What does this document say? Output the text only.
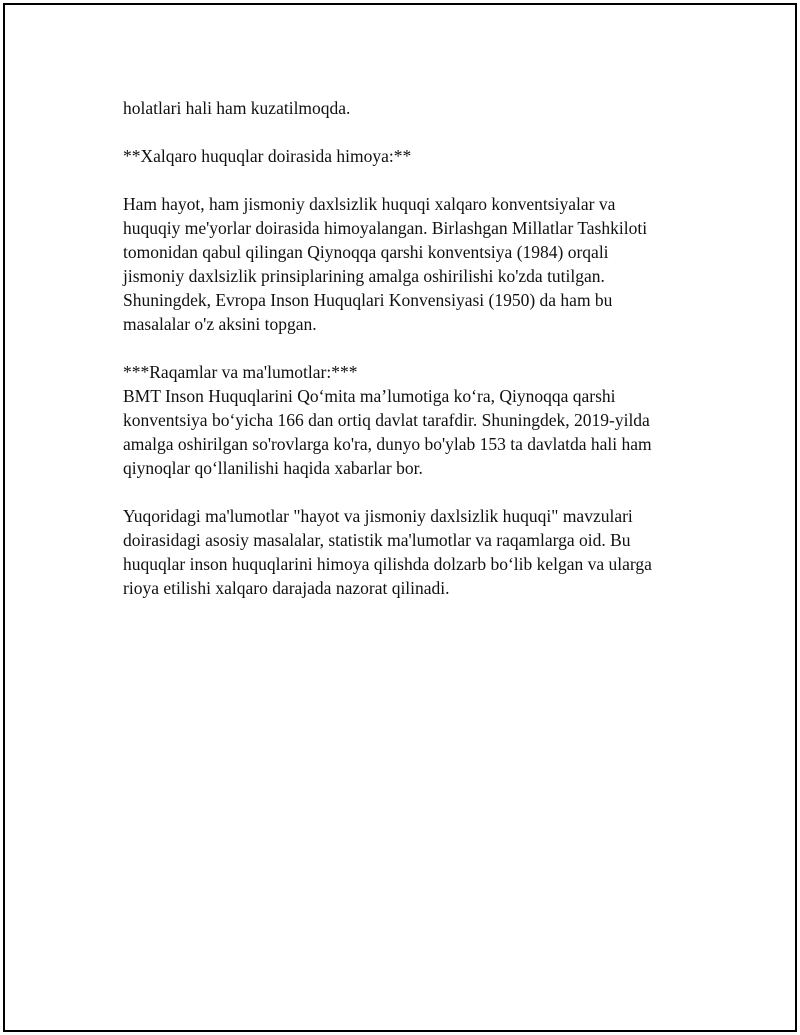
holatlari hali ham kuzatilmoqda.

**Xalqaro huquqlar doirasida himoya:**

Ham hayot, ham jismoniy daxlsizlik huquqi xalqaro konventsiyalar va
huquqiy me'yorlar doirasida himoyalangan. Birlashgan Millatlar Tashkiloti
tomonidan qabul qilingan Qiynoqqa qarshi konventsiya (1984) orqali
jismoniy daxlsizlik prinsiplarining amalga oshirilishi ko'zda tutilgan.
Shuningdek, Evropa Inson Huquqlari Konvensiyasi (1950) da ham bu
masalalar o'z aksini topgan.

***Raqamlar va ma'lumotlar:***
BMT Inson Huquqlarini Qo‘mita ma’lumotiga ko‘ra, Qiynoqqa qarshi
konventsiya bo‘yicha 166 dan ortiq davlat tarafdir. Shuningdek, 2019-yilda
amalga oshirilgan so'rovlarga ko'ra, dunyo bo'ylab 153 ta davlatda hali ham
qiynoqlar qo‘llanilishi haqida xabarlar bor.

Yuqoridagi ma'lumotlar "hayot va jismoniy daxlsizlik huquqi" mavzulari
doirasidagi asosiy masalalar, statistik ma'lumotlar va raqamlarga oid. Bu
huquqlar inson huquqlarini himoya qilishda dolzarb bo‘lib kelgan va ularga
rioya etilishi xalqaro darajada nazorat qilinadi.
